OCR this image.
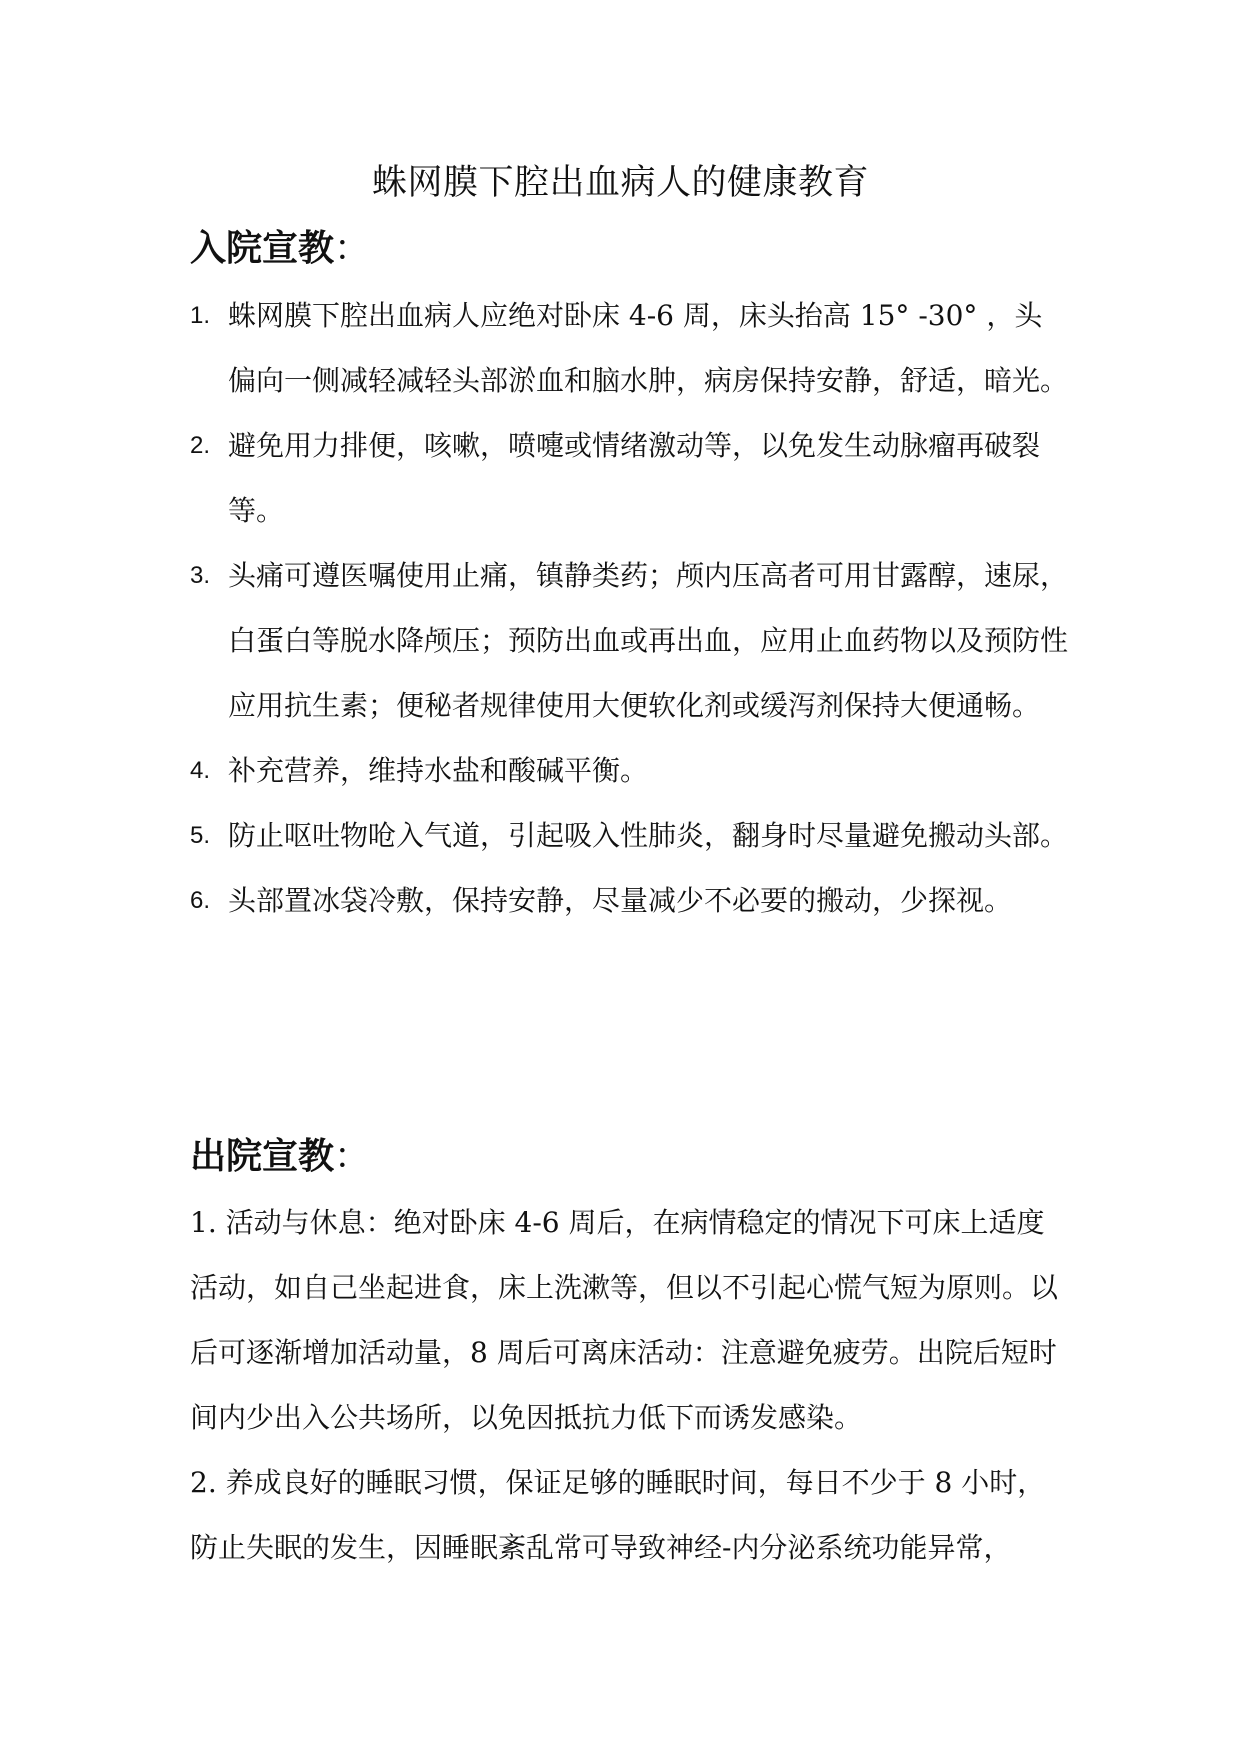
蛛网膜下腔出血病人的健康教育
入院宣教：
1. 蛛网膜下腔出血病人应绝对卧床 4-6 周，床头抬高 15° -30° ，头偏向一侧减轻减轻头部淤血和脑水肿，病房保持安静，舒适，暗光。
2. 避免用力排便，咳嗽，喷嚏或情绪激动等，以免发生动脉瘤再破裂等。
3. 头痛可遵医嘱使用止痛，镇静类药；颅内压高者可用甘露醇，速尿，白蛋白等脱水降颅压；预防出血或再出血，应用止血药物以及预防性应用抗生素；便秘者规律使用大便软化剂或缓泻剂保持大便通畅。
4. 补充营养，维持水盐和酸碱平衡。
5. 防止呕吐物呛入气道，引起吸入性肺炎，翻身时尽量避免搬动头部。
6. 头部置冰袋冷敷，保持安静，尽量减少不必要的搬动，少探视。
出院宣教：

1. 活动与休息：绝对卧床 4-6 周后，在病情稳定的情况下可床上适度活动，如自己坐起进食，床上洗漱等，但以不引起心慌气短为原则。以后可逐渐增加活动量，8 周后可离床活动：注意避免疲劳。出院后短时间内少出入公共场所，以免因抵抗力低下而诱发感染。

2. 养成良好的睡眠习惯，保证足够的睡眠时间，每日不少于 8 小时，防止失眠的发生，因睡眠紊乱常可导致神经-内分泌系统功能异常，
